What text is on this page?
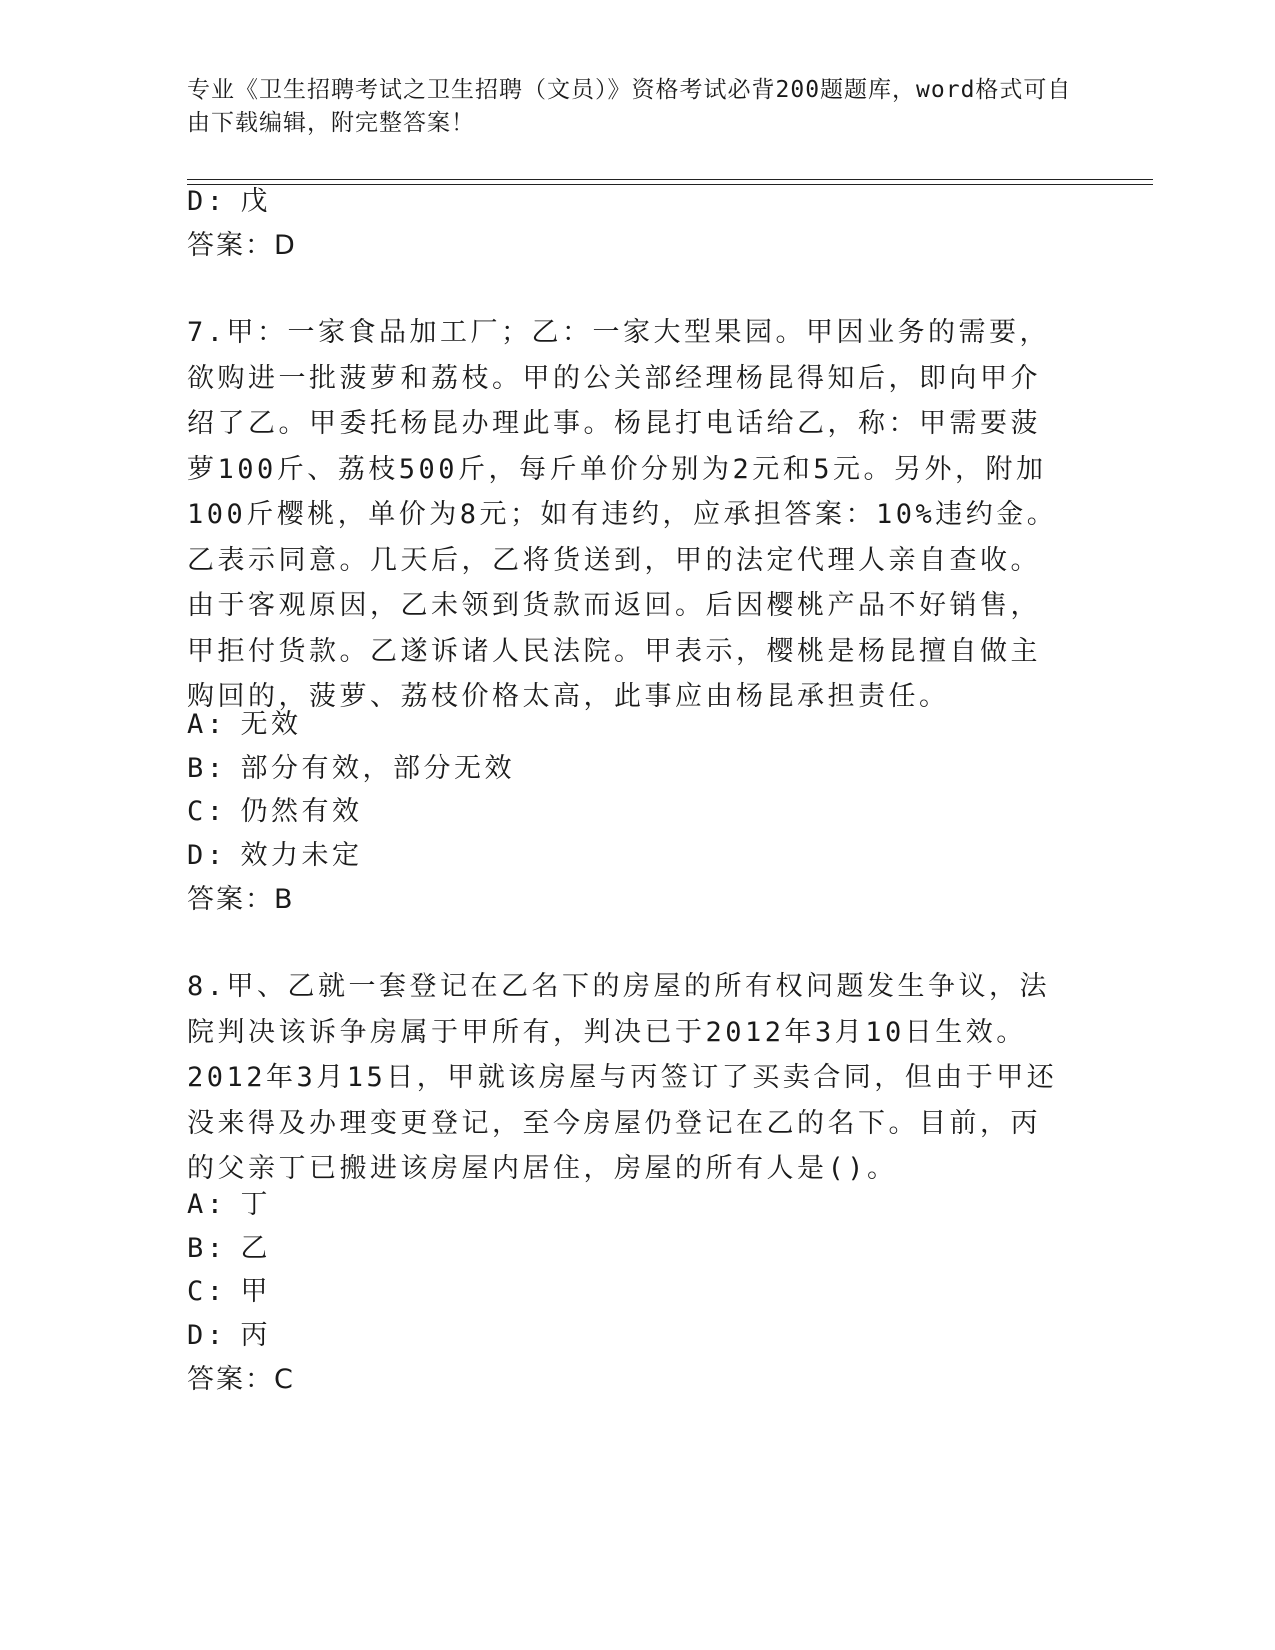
专业《卫生招聘考试之卫生招聘（文员）》资格考试必背200题题库，word格式可自由下载编辑，附完整答案！
D: 戊
答案：D
7.甲：一家食品加工厂；乙：一家大型果园。甲因业务的需要，欲购进一批菠萝和荔枝。甲的公关部经理杨昆得知后，即向甲介绍了乙。甲委托杨昆办理此事。杨昆打电话给乙，称：甲需要菠萝100斤、荔枝500斤，每斤单价分别为2元和5元。另外，附加100斤樱桃，单价为8元；如有违约，应承担答案：10%违约金。乙表示同意。几天后，乙将货送到，甲的法定代理人亲自查收。由于客观原因，乙未领到货款而返回。后因樱桃产品不好销售，甲拒付货款。乙遂诉诸人民法院。甲表示，樱桃是杨昆擅自做主购回的，菠萝、荔枝价格太高，此事应由杨昆承担责任。
A: 无效
B: 部分有效，部分无效
C: 仍然有效
D: 效力未定
答案：B
8.甲、乙就一套登记在乙名下的房屋的所有权问题发生争议，法院判决该诉争房属于甲所有，判决已于2012年3月10日生效。2012年3月15日，甲就该房屋与丙签订了买卖合同，但由于甲还没来得及办理变更登记，至今房屋仍登记在乙的名下。目前，丙的父亲丁已搬进该房屋内居住，房屋的所有人是()。
A: 丁
B: 乙
C: 甲
D: 丙
答案：C
